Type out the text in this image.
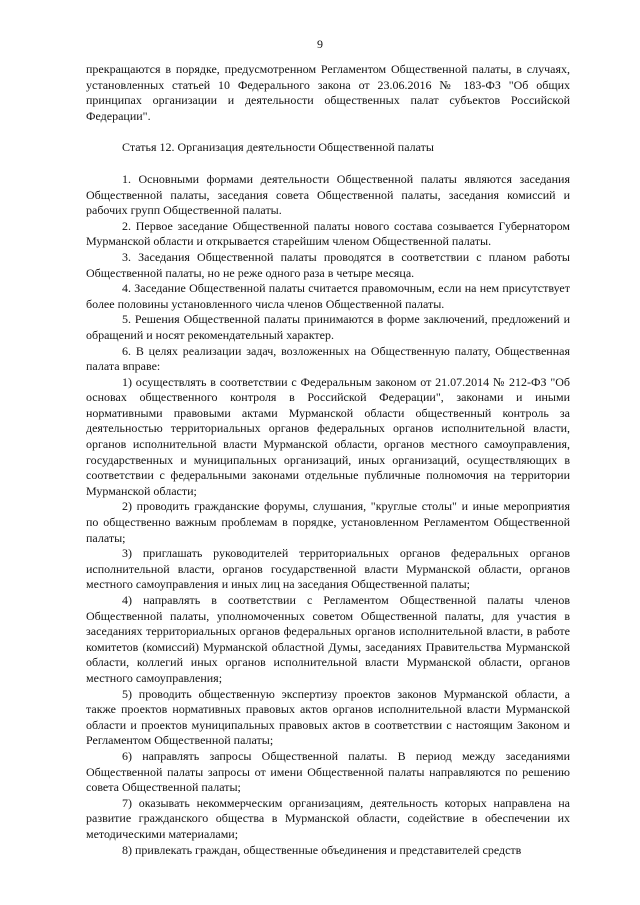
9

прекращаются в порядке, предусмотренном Регламентом Общественной палаты, в случаях, установленных статьей 10 Федерального закона от 23.06.2016 № 183-ФЗ "Об общих принципах организации и деятельности общественных палат субъектов Российской Федерации".

Статья 12. Организация деятельности Общественной палаты

1. Основными формами деятельности Общественной палаты являются заседания Общественной палаты, заседания совета Общественной палаты, заседания комиссий и рабочих групп Общественной палаты.

2. Первое заседание Общественной палаты нового состава созывается Губернатором Мурманской области и открывается старейшим членом Общественной палаты.

3. Заседания Общественной палаты проводятся в соответствии с планом работы Общественной палаты, но не реже одного раза в четыре месяца.

4. Заседание Общественной палаты считается правомочным, если на нем присутствует более половины установленного числа членов Общественной палаты.

5. Решения Общественной палаты принимаются в форме заключений, предложений и обращений и носят рекомендательный характер.

6. В целях реализации задач, возложенных на Общественную палату, Общественная палата вправе:

1) осуществлять в соответствии с Федеральным законом от 21.07.2014 № 212-ФЗ "Об основах общественного контроля в Российской Федерации", законами и иными нормативными правовыми актами Мурманской области общественный контроль за деятельностью территориальных органов федеральных органов исполнительной власти, органов исполнительной власти Мурманской области, органов местного самоуправления, государственных и муниципальных организаций, иных организаций, осуществляющих в соответствии с федеральными законами отдельные публичные полномочия на территории Мурманской области;

2) проводить гражданские форумы, слушания, "круглые столы" и иные мероприятия по общественно важным проблемам в порядке, установленном Регламентом Общественной палаты;

3) приглашать руководителей территориальных органов федеральных органов исполнительной власти, органов государственной власти Мурманской области, органов местного самоуправления и иных лиц на заседания Общественной палаты;

4) направлять в соответствии с Регламентом Общественной палаты членов Общественной палаты, уполномоченных советом Общественной палаты, для участия в заседаниях территориальных органов федеральных органов исполнительной власти, в работе комитетов (комиссий) Мурманской областной Думы, заседаниях Правительства Мурманской области, коллегий иных органов исполнительной власти Мурманской области, органов местного самоуправления;

5) проводить общественную экспертизу проектов законов Мурманской области, а также проектов нормативных правовых актов органов исполнительной власти Мурманской области и проектов муниципальных правовых актов в соответствии с настоящим Законом и Регламентом Общественной палаты;

6) направлять запросы Общественной палаты. В период между заседаниями Общественной палаты запросы от имени Общественной палаты направляются по решению совета Общественной палаты;

7) оказывать некоммерческим организациям, деятельность которых направлена на развитие гражданского общества в Мурманской области, содействие в обеспечении их методическими материалами;

8) привлекать граждан, общественные объединения и представителей средств
